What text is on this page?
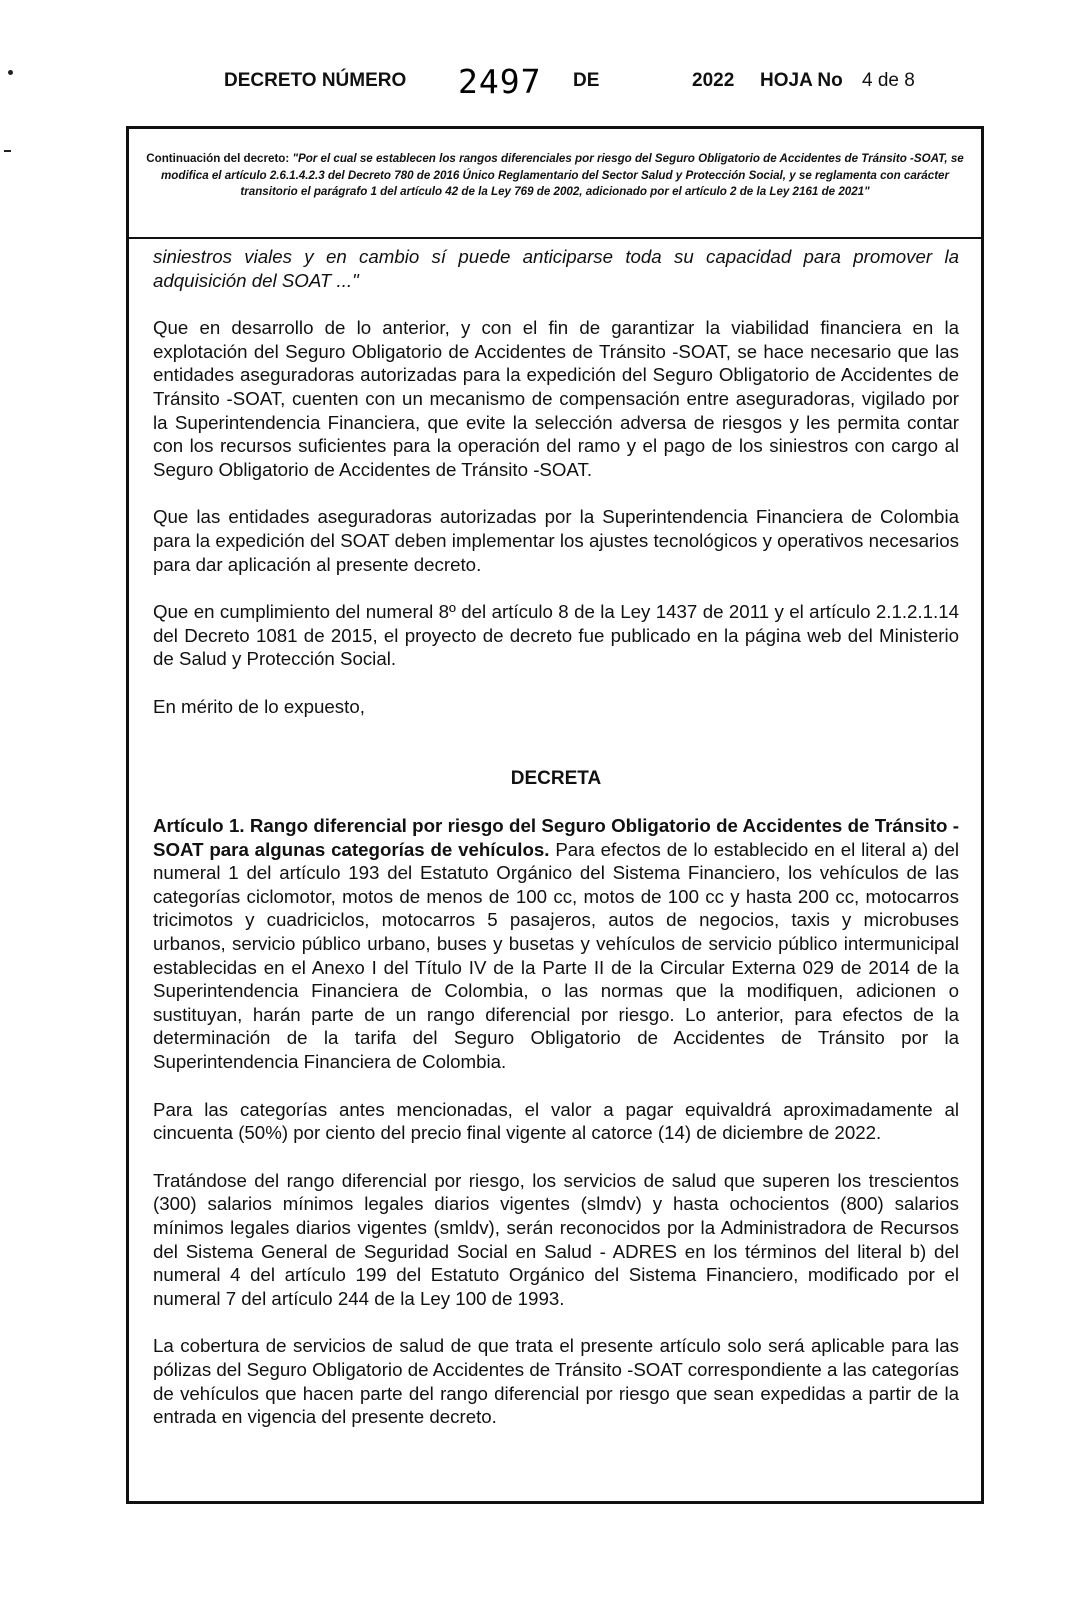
DECRETO NÚMERO 2497 DE	2022 HOJA No 4 de 8
Continuación del decreto: "Por el cual se establecen los rangos diferenciales por riesgo del Seguro Obligatorio de Accidentes de Tránsito -SOAT, se modifica el artículo 2.6.1.4.2.3 del Decreto 780 de 2016 Único Reglamentario del Sector Salud y Protección Social, y se reglamenta con carácter transitorio el parágrafo 1 del artículo 42 de la Ley 769 de 2002, adicionado por el artículo 2 de la Ley 2161 de 2021"

siniestros viales y en cambio sí puede anticiparse toda su capacidad para promover la adquisición del SOAT ..."

Que en desarrollo de lo anterior, y con el fin de garantizar la viabilidad financiera en la explotación del Seguro Obligatorio de Accidentes de Tránsito -SOAT, se hace necesario que las entidades aseguradoras autorizadas para la expedición del Seguro Obligatorio de Accidentes de Tránsito -SOAT, cuenten con un mecanismo de compensación entre aseguradoras, vigilado por la Superintendencia Financiera, que evite la selección adversa de riesgos y les permita contar con los recursos suficientes para la operación del ramo y el pago de los siniestros con cargo al Seguro Obligatorio de Accidentes de Tránsito -SOAT.

Que las entidades aseguradoras autorizadas por la Superintendencia Financiera de Colombia para la expedición del SOAT deben implementar los ajustes tecnológicos y operativos necesarios para dar aplicación al presente decreto.

Que en cumplimiento del numeral 8º del artículo 8 de la Ley 1437 de 2011 y el artículo 2.1.2.1.14 del Decreto 1081 de 2015, el proyecto de decreto fue publicado en la página web del Ministerio de Salud y Protección Social.

En mérito de lo expuesto,

DECRETA

Artículo 1. Rango diferencial por riesgo del Seguro Obligatorio de Accidentes de Tránsito -SOAT para algunas categorías de vehículos. Para efectos de lo establecido en el literal a) del numeral 1 del artículo 193 del Estatuto Orgánico del Sistema Financiero, los vehículos de las categorías ciclomotor, motos de menos de 100 cc, motos de 100 cc y hasta 200 cc, motocarros tricimotos y cuadriciclos, motocarros 5 pasajeros, autos de negocios, taxis y microbuses urbanos, servicio público urbano, buses y busetas y vehículos de servicio público intermunicipal establecidas en el Anexo I del Título IV de la Parte II de la Circular Externa 029 de 2014 de la Superintendencia Financiera de Colombia, o las normas que la modifiquen, adicionen o sustituyan, harán parte de un rango diferencial por riesgo. Lo anterior, para efectos de la determinación de la tarifa del Seguro Obligatorio de Accidentes de Tránsito por la Superintendencia Financiera de Colombia.

Para las categorías antes mencionadas, el valor a pagar equivaldrá aproximadamente al cincuenta (50%) por ciento del precio final vigente al catorce (14) de diciembre de 2022.

Tratándose del rango diferencial por riesgo, los servicios de salud que superen los trescientos (300) salarios mínimos legales diarios vigentes (slmdv) y hasta ochocientos (800) salarios mínimos legales diarios vigentes (smldv), serán reconocidos por la Administradora de Recursos del Sistema General de Seguridad Social en Salud - ADRES en los términos del literal b) del numeral 4 del artículo 199 del Estatuto Orgánico del Sistema Financiero, modificado por el numeral 7 del artículo 244 de la Ley 100 de 1993.

La cobertura de servicios de salud de que trata el presente artículo solo será aplicable para las pólizas del Seguro Obligatorio de Accidentes de Tránsito -SOAT correspondiente a las categorías de vehículos que hacen parte del rango diferencial por riesgo que sean expedidas a partir de la entrada en vigencia del presente decreto.
